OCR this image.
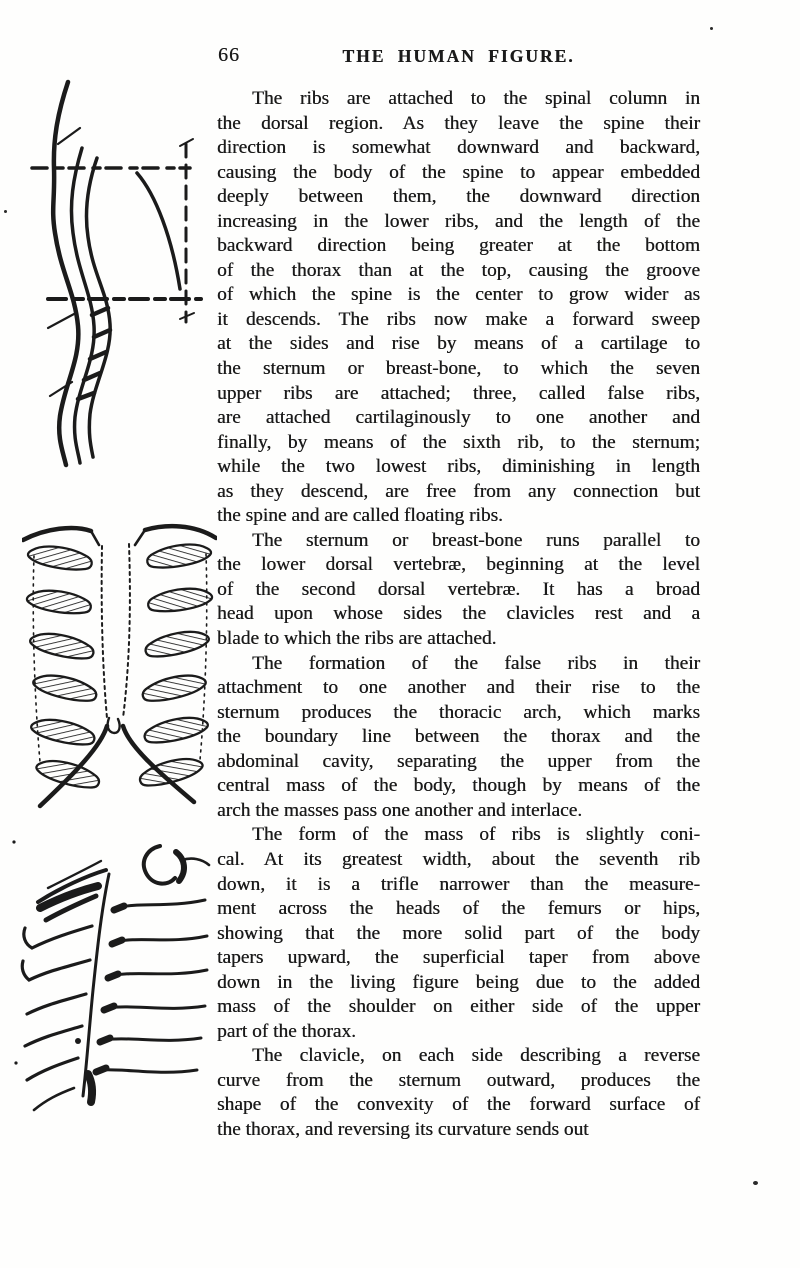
66	THE HUMAN FIGURE.
The ribs are attached to the spinal column in
the dorsal region. As they leave the spine their
direction is somewhat downward and backward,
causing the body of the spine to appear embedded
deeply between them, the downward direction
increasing in the lower ribs, and the length of the
backward direction being greater at the bottom
of the thorax than at the top, causing the groove
of which the spine is the center to grow wider as
it descends. The ribs now make a forward sweep
at the sides and rise by means of a cartilage to
the sternum or breast-bone, to which the seven
upper ribs are attached; three, called false ribs,
are attached cartilaginously to one another and
finally, by means of the sixth rib, to the sternum;
while the two lowest ribs, diminishing in length
as they descend, are free from any connection but
the spine and are called floating ribs.
The sternum or breast-bone runs parallel to
the lower dorsal vertebræ, beginning at the level
of the second dorsal vertebræ. It has a broad
head upon whose sides the clavicles rest and a
blade to which the ribs are attached.
The formation of the false ribs in their
attachment to one another and their rise to the
sternum produces the thoracic arch, which marks
the boundary line between the thorax and the
abdominal cavity, separating the upper from the
central mass of the body, though by means of the
arch the masses pass one another and interlace.
The form of the mass of ribs is slightly coni-
cal. At its greatest width, about the seventh rib
down, it is a trifle narrower than the measure-
ment across the heads of the femurs or hips,
showing that the more solid part of the body
tapers upward, the superficial taper from above
down in the living figure being due to the added
mass of the shoulder on either side of the upper
part of the thorax.
The clavicle, on each side describing a reverse
curve from the sternum outward, produces the
shape of the convexity of the forward surface of
the thorax, and reversing its curvature sends out
